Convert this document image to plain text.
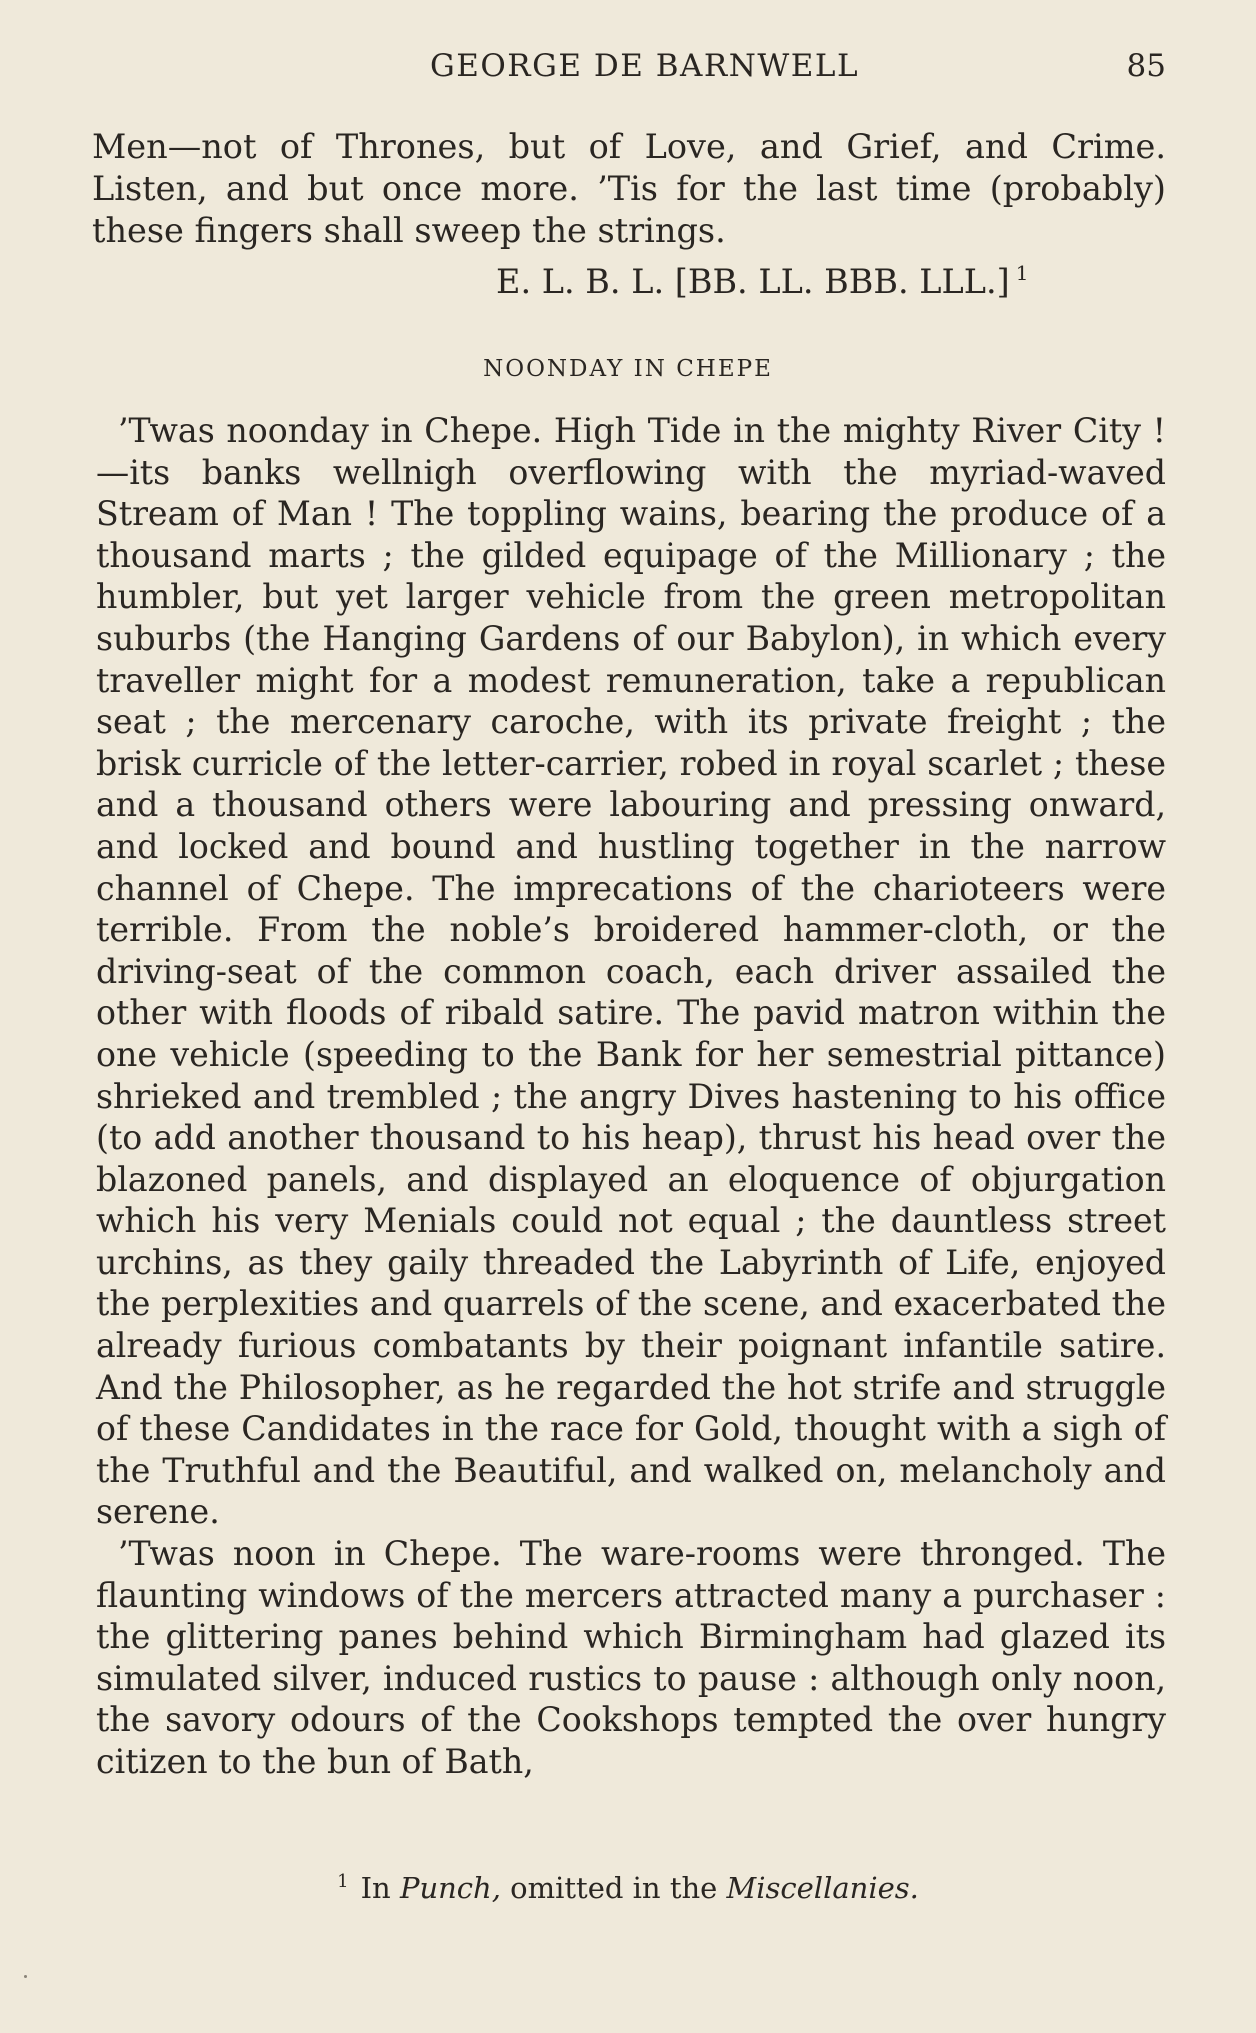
GEORGE DE BARNWELL	85

Men—not of Thrones, but of Love, and Grief, and Crime. Listen, and but once more. ’Tis for the last time (probably) these fingers shall sweep the strings.

E. L. B. L. [BB. LL. BBB. LLL.] $^1$
NOONDAY IN CHEPE

’Twas noonday in Chepe. High Tide in the mighty River City !—its banks wellnigh overflowing with the myriad-waved Stream of Man ! The toppling wains, bearing the produce of a thousand marts ; the gilded equipage of the Millionary ; the humbler, but yet larger vehicle from the green metropolitan suburbs (the Hanging Gardens of our Babylon), in which every traveller might for a modest remuneration, take a republican seat ; the mercenary caroche, with its private freight ; the brisk curricle of the letter-carrier, robed in royal scarlet ; these and a thousand others were labouring and pressing onward, and locked and bound and hustling together in the narrow channel of Chepe. The imprecations of the charioteers were terrible. From the noble’s broidered hammer-cloth, or the driving-seat of the common coach, each driver assailed the other with floods of ribald satire. The pavid matron within the one vehicle (speeding to the Bank for her semestrial pittance) shrieked and trembled ; the angry Dives hastening to his office (to add another thousand to his heap), thrust his head over the blazoned panels, and displayed an eloquence of objurgation which his very Menials could not equal ; the dauntless street urchins, as they gaily threaded the Labyrinth of Life, enjoyed the perplexities and quarrels of the scene, and exacerbated the already furious combatants by their poignant infantile satire. And the Philosopher, as he regarded the hot strife and struggle of these Candidates in the race for Gold, thought with a sigh of the Truthful and the Beautiful, and walked on, melancholy and serene.

’Twas noon in Chepe. The ware-rooms were thronged. The flaunting windows of the mercers attracted many a purchaser : the glittering panes behind which Birmingham had glazed its simulated silver, induced rustics to pause : although only noon, the savory odours of the Cookshops tempted the over hungry citizen to the bun of Bath,

$^1$ In Punch, omitted in the Miscellanies.
